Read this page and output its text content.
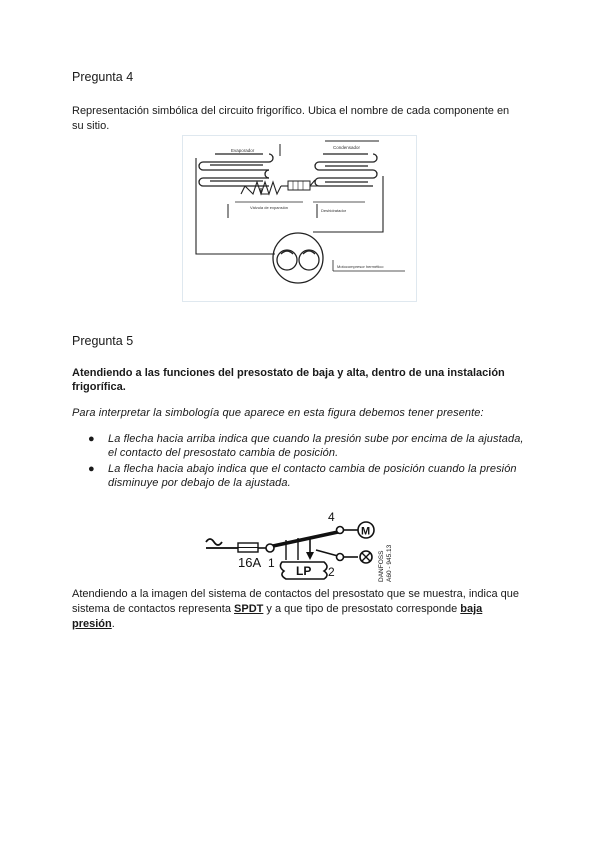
Pregunta 4
Representación simbólica del circuito frigorífico. Ubica el nombre de cada componente en
su sitio.
Evaporador
Condensador
Válvula de expansión
Deshidratador
Motocompresor hermético
Pregunta 5
Atendiendo a las funciones del presostato de baja y alta, dentro de una instalación
frigorífica.
Para interpretar la simbología que aparece en esta figura debemos tener presente:
● La flecha hacia arriba indica que cuando la presión sube por encima de la ajustada,
el contacto del presostato cambia de posición.
● La flecha hacia abajo indica que el contacto cambia de posición cuando la presión
disminuye por debajo de la ajustada.
16A 1
4
M
2
LP	DANFOSS A60 - 945.13
Atendiendo a la imagen del sistema de contactos del presostato que se muestra, indica que
sistema de contactos representa SPDT y a que tipo de presostato corresponde baja
presión.
